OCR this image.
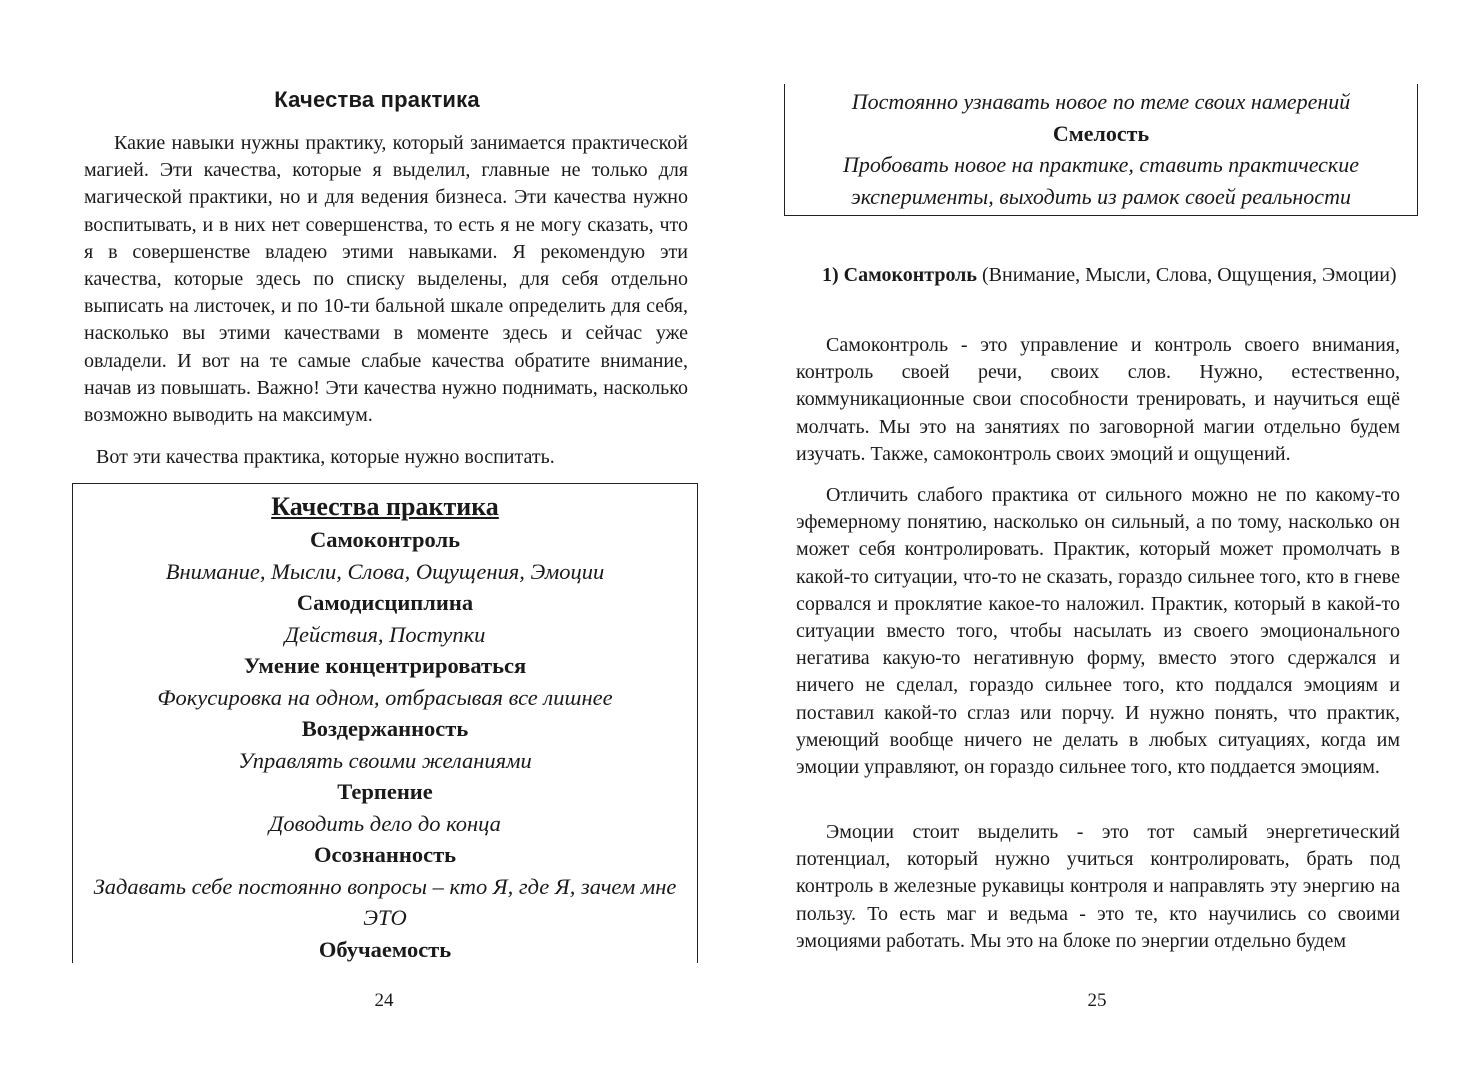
Качества практика

Какие навыки нужны практику, который занимается практической магией. Эти качества, которые я выделил, главные не только для магической практики, но и для ведения бизнеса. Эти качества нужно воспитывать, и в них нет совершенства, то есть я не могу сказать, что я в совершенстве владею этими навыками. Я рекомендую эти качества, которые здесь по списку выделены, для себя отдельно выписать на листочек, и по 10-ти бальной шкале определить для себя, насколько вы этими качествами в моменте здесь и сейчас уже овладели. И вот на те самые слабые качества обратите внимание, начав из повышать. Важно! Эти качества нужно поднимать, насколько возможно выводить на максимум.

Вот эти качества практика, которые нужно воспитать.

Качества практика
Самоконтроль
Внимание, Мысли, Слова, Ощущения, Эмоции
Самодисциплина
Действия, Поступки
Умение концентрироваться
Фокусировка на одном, отбрасывая все лишнее
Воздержанность
Управлять своими желаниями
Терпение
Доводить дело до конца
Осознанность
Задавать себе постоянно вопросы – кто Я, где Я, зачем мне ЭТО
Обучаемость
24
Постоянно узнавать новое по теме своих намерений
Смелость
Пробовать новое на практике, ставить практические эксперименты, выходить из рамок своей реальности

1) Самоконтроль (Внимание, Мысли, Слова, Ощущения, Эмоции)

Самоконтроль - это управление и контроль своего внимания, контроль своей речи, своих слов. Нужно, естественно, коммуникационные свои способности тренировать, и научиться ещё молчать. Мы это на занятиях по заговорной магии отдельно будем изучать. Также, самоконтроль своих эмоций и ощущений.

Отличить слабого практика от сильного можно не по какому-то эфемерному понятию, насколько он сильный, а по тому, насколько он может себя контролировать. Практик, который может промолчать в какой-то ситуации, что-то не сказать, гораздо сильнее того, кто в гневе сорвался и проклятие какое-то наложил. Практик, который в какой-то ситуации вместо того, чтобы насылать из своего эмоционального негатива какую-то негативную форму, вместо этого сдержался и ничего не сделал, гораздо сильнее того, кто поддался эмоциям и поставил какой-то сглаз или порчу. И нужно понять, что практик, умеющий вообще ничего не делать в любых ситуациях, когда им эмоции управляют, он гораздо сильнее того, кто поддается эмоциям.

Эмоции стоит выделить - это тот самый энергетический потенциал, который нужно учиться контролировать, брать под контроль в железные рукавицы контроля и направлять эту энергию на пользу. То есть маг и ведьма - это те, кто научились со своими эмоциями работать. Мы это на блоке по энергии отдельно будем

25
